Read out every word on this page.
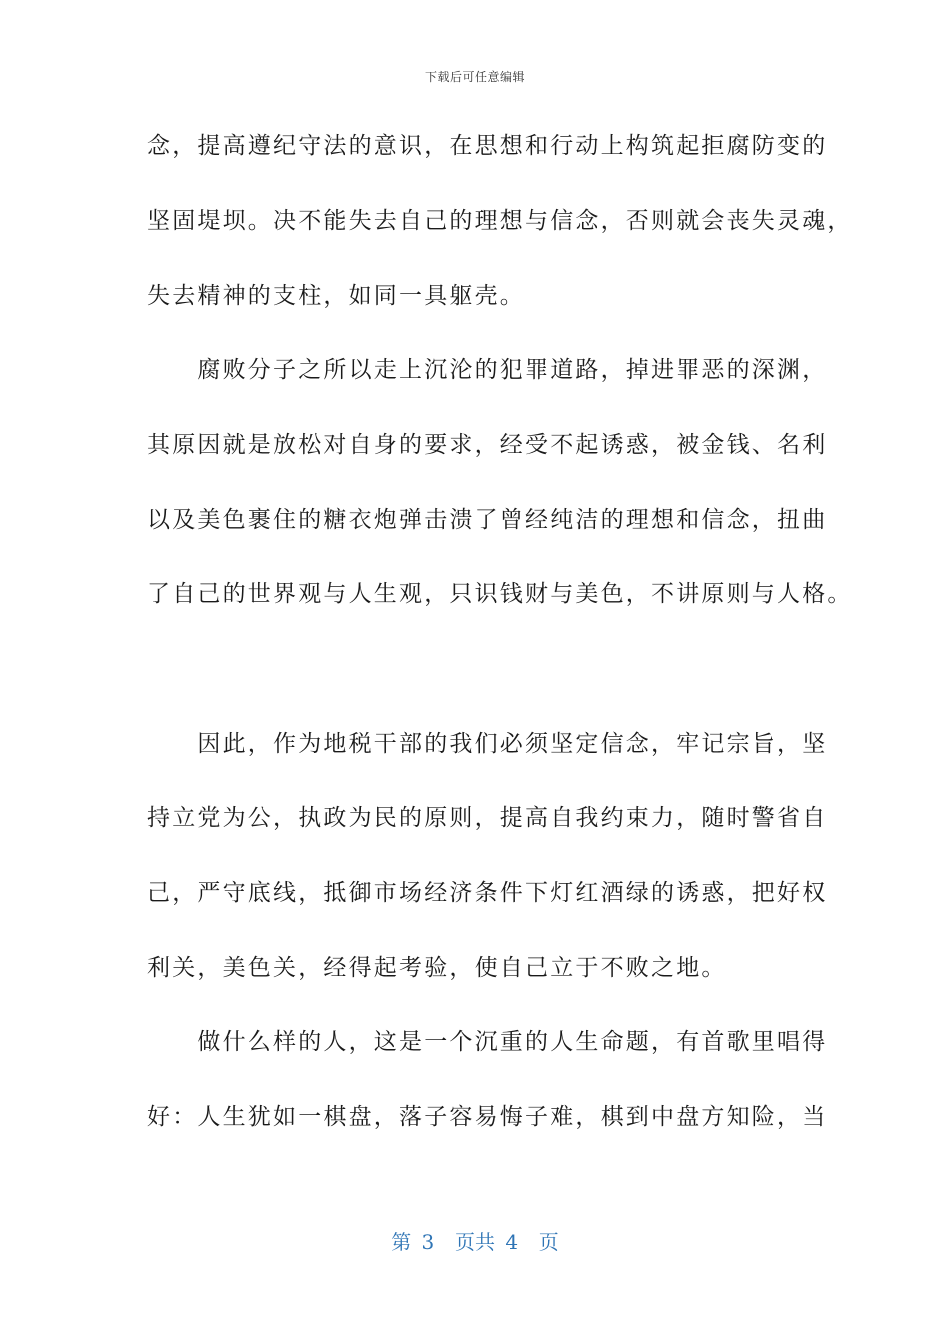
下载后可任意编辑
念，提高遵纪守法的意识，在思想和行动上构筑起拒腐防变的
坚固堤坝。决不能失去自己的理想与信念，否则就会丧失灵魂，
失去精神的支柱，如同一具躯壳。
　　腐败分子之所以走上沉沦的犯罪道路，掉进罪恶的深渊，
其原因就是放松对自身的要求，经受不起诱惑，被金钱、名利
以及美色裹住的糖衣炮弹击溃了曾经纯洁的理想和信念，扭曲
了自己的世界观与人生观，只识钱财与美色，不讲原则与人格。
　　因此，作为地税干部的我们必须坚定信念，牢记宗旨，坚
持立党为公，执政为民的原则，提高自我约束力，随时警省自
己，严守底线，抵御市场经济条件下灯红酒绿的诱惑，把好权
利关，美色关，经得起考验，使自己立于不败之地。
　　做什么样的人，这是一个沉重的人生命题，有首歌里唱得
好：人生犹如一棋盘，落子容易悔子难，棋到中盘方知险，当
第 3  页共 4  页
